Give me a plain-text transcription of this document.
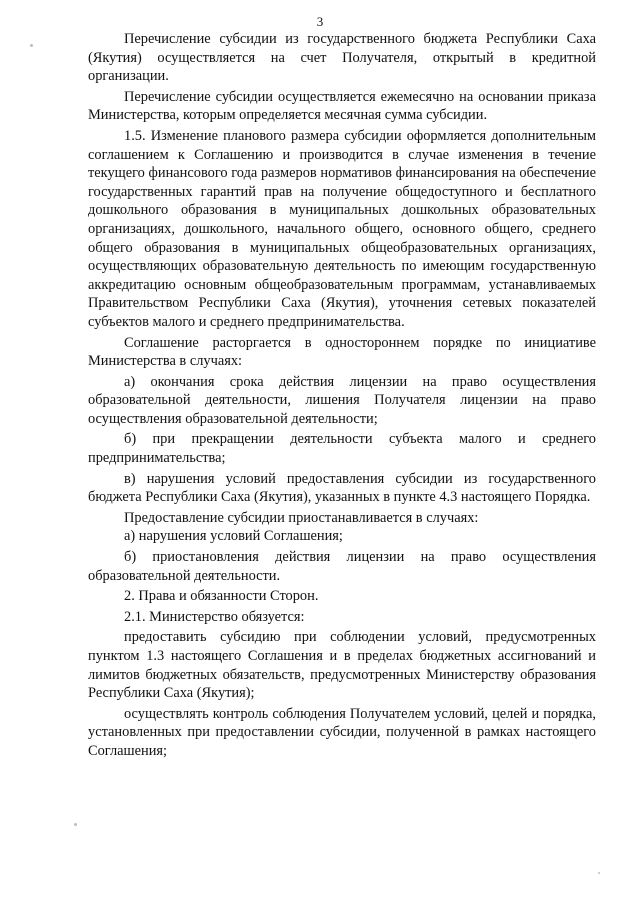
3

Перечисление субсидии из государственного бюджета Республики Саха (Якутия) осуществляется на счет Получателя, открытый в кредитной организации.

Перечисление субсидии осуществляется ежемесячно на основании приказа Министерства, которым определяется месячная сумма субсидии.

1.5. Изменение планового размера субсидии оформляется дополнительным соглашением к Соглашению и производится в случае изменения в течение текущего финансового года размеров нормативов финансирования на обеспечение государственных гарантий прав на получение общедоступного и бесплатного дошкольного образования в муниципальных дошкольных образовательных организациях, дошкольного, начального общего, основного общего, среднего общего образования в муниципальных общеобразовательных организациях, осуществляющих образовательную деятельность по имеющим государственную аккредитацию основным общеобразовательным программам, устанавливаемых Правительством Республики Саха (Якутия), уточнения сетевых показателей субъектов малого и среднего предпринимательства.

Соглашение расторгается в одностороннем порядке по инициативе Министерства в случаях:

а) окончания срока действия лицензии на право осуществления образовательной деятельности, лишения Получателя лицензии на право осуществления образовательной деятельности;

б) при прекращении деятельности субъекта малого и среднего предпринимательства;

в) нарушения условий предоставления субсидии из государственного бюджета Республики Саха (Якутия), указанных в пункте 4.3 настоящего Порядка.

Предоставление субсидии приостанавливается в случаях:

а) нарушения условий Соглашения;

б) приостановления действия лицензии на право осуществления образовательной деятельности.

2. Права и обязанности Сторон.

2.1. Министерство обязуется:

предоставить субсидию при соблюдении условий, предусмотренных пунктом 1.3 настоящего Соглашения и в пределах бюджетных ассигнований и лимитов бюджетных обязательств, предусмотренных Министерству образования Республики Саха (Якутия);

осуществлять контроль соблюдения Получателем условий, целей и порядка, установленных при предоставлении субсидии, полученной в рамках настоящего Соглашения;
